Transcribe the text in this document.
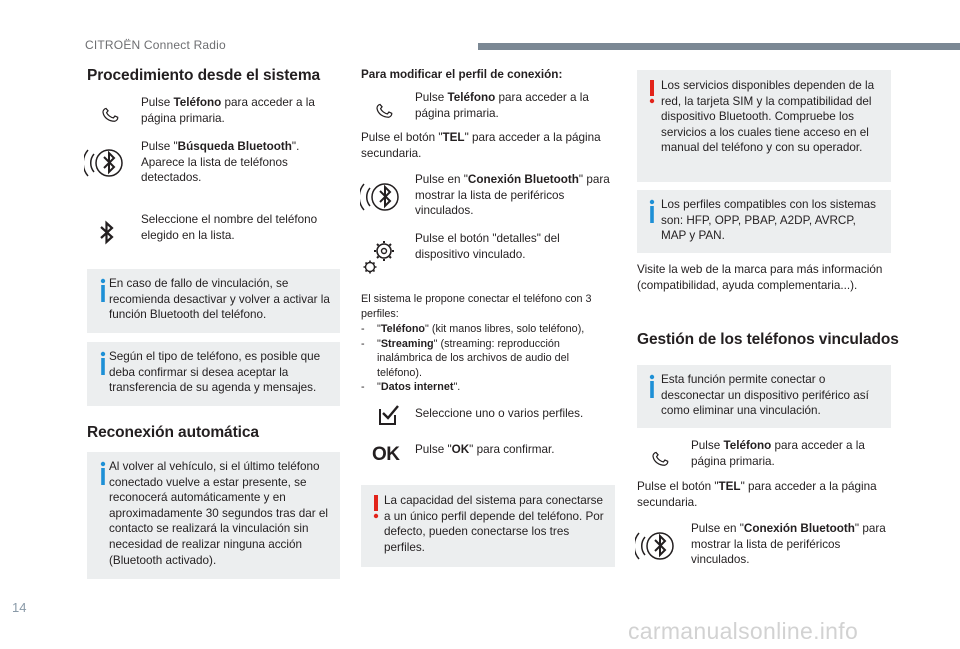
CITROËN Connect Radio
Procedimiento desde el sistema
Pulse Teléfono para acceder a la página primaria.
Pulse "Búsqueda Bluetooth". Aparece la lista de teléfonos detectados.
Seleccione el nombre del teléfono elegido en la lista.
En caso de fallo de vinculación, se recomienda desactivar y volver a activar la función Bluetooth del teléfono.
Según el tipo de teléfono, es posible que deba confirmar si desea aceptar la transferencia de su agenda y mensajes.
Reconexión automática
Al volver al vehículo, si el último teléfono conectado vuelve a estar presente, se reconocerá automáticamente y en aproximadamente 30 segundos tras dar el contacto se realizará la vinculación sin necesidad de realizar ninguna acción (Bluetooth activado).
Para modificar el perfil de conexión:
Pulse Teléfono para acceder a la página primaria.
Pulse el botón "TEL" para acceder a la página secundaria.
Pulse en "Conexión Bluetooth" para mostrar la lista de periféricos vinculados.
Pulse el botón "detalles" del dispositivo vinculado.
El sistema le propone conectar el teléfono con 3 perfiles:
- "Teléfono" (kit manos libres, solo teléfono),
- "Streaming" (streaming: reproducción inalámbrica de los archivos de audio del teléfono).
- "Datos internet".
Seleccione uno o varios perfiles.
OK Pulse "OK" para confirmar.
La capacidad del sistema para conectarse a un único perfil depende del teléfono. Por defecto, pueden conectarse los tres perfiles.
Los servicios disponibles dependen de la red, la tarjeta SIM y la compatibilidad del dispositivo Bluetooth. Compruebe los servicios a los cuales tiene acceso en el manual del teléfono y con su operador.
Los perfiles compatibles con los sistemas son: HFP, OPP, PBAP, A2DP, AVRCP, MAP y PAN.
Visite la web de la marca para más información (compatibilidad, ayuda complementaria...).
Gestión de los teléfonos vinculados
Esta función permite conectar o desconectar un dispositivo periférico así como eliminar una vinculación.
Pulse Teléfono para acceder a la página primaria.
Pulse el botón "TEL" para acceder a la página secundaria.
Pulse en "Conexión Bluetooth" para mostrar la lista de periféricos vinculados.
14
carmanualsonline.info
